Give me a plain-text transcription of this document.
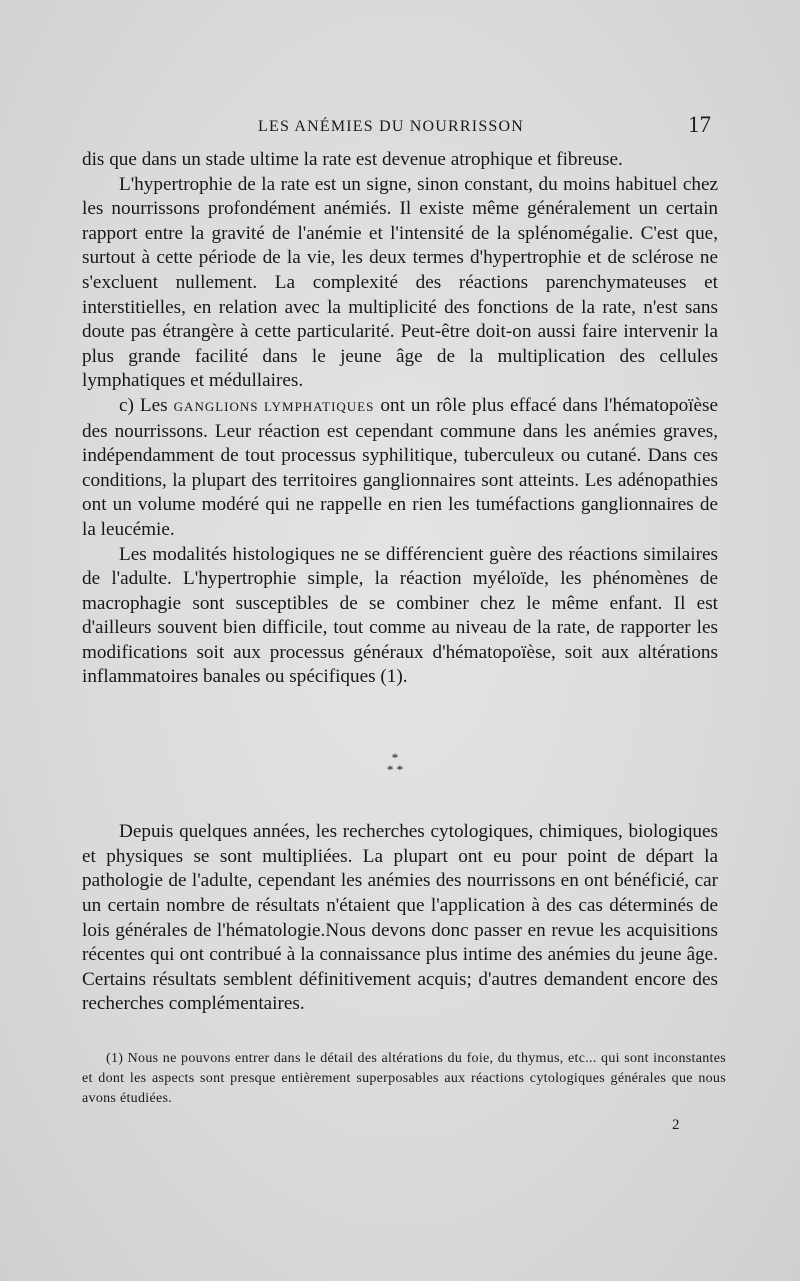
LES ANÉMIES DU NOURRISSON	17

dis que dans un stade ultime la rate est devenue atrophique et fibreuse.

L'hypertrophie de la rate est un signe, sinon constant, du moins habituel chez les nourrissons profondément anémiés. Il existe même généralement un certain rapport entre la gravité de l'anémie et l'intensité de la splénomégalie. C'est que, surtout à cette période de la vie, les deux termes d'hypertrophie et de sclérose ne s'excluent nullement. La complexité des réactions parenchymateuses et interstitielles, en relation avec la multiplicité des fonctions de la rate, n'est sans doute pas étrangère à cette particularité. Peut-être doit-on aussi faire intervenir la plus grande facilité dans le jeune âge de la multiplication des cellules lymphatiques et médullaires.

c) Les GANGLIONS LYMPHATIQUES ont un rôle plus effacé dans l'hématopoïèse des nourrissons. Leur réaction est cependant commune dans les anémies graves, indépendamment de tout processus syphilitique, tuberculeux ou cutané. Dans ces conditions, la plupart des territoires ganglionnaires sont atteints. Les adénopathies ont un volume modéré qui ne rappelle en rien les tuméfactions ganglionnaires de la leucémie.

Les modalités histologiques ne se différencient guère des réactions similaires de l'adulte. L'hypertrophie simple, la réaction myéloïde, les phénomènes de macrophagie sont susceptibles de se combiner chez le même enfant. Il est d'ailleurs souvent bien difficile, tout comme au niveau de la rate, de rapporter les modifications soit aux processus généraux d'hématopoïèse, soit aux altérations inflammatoires banales ou spécifiques (1).

*
* *

Depuis quelques années, les recherches cytologiques, chimiques, biologiques et physiques se sont multipliées. La plupart ont eu pour point de départ la pathologie de l'adulte, cependant les anémies des nourrissons en ont bénéficié, car un certain nombre de résultats n'étaient que l'application à des cas déterminés de lois générales de l'hématologie.Nous devons donc passer en revue les acquisitions récentes qui ont contribué à la connaissance plus intime des anémies du jeune âge. Certains résultats semblent définitivement acquis; d'autres demandent encore des recherches complémentaires.

(1) Nous ne pouvons entrer dans le détail des altérations du foie, du thymus, etc... qui sont inconstantes et dont les aspects sont presque entièrement superposables aux réactions cytologiques générales que nous avons étudiées.

2
